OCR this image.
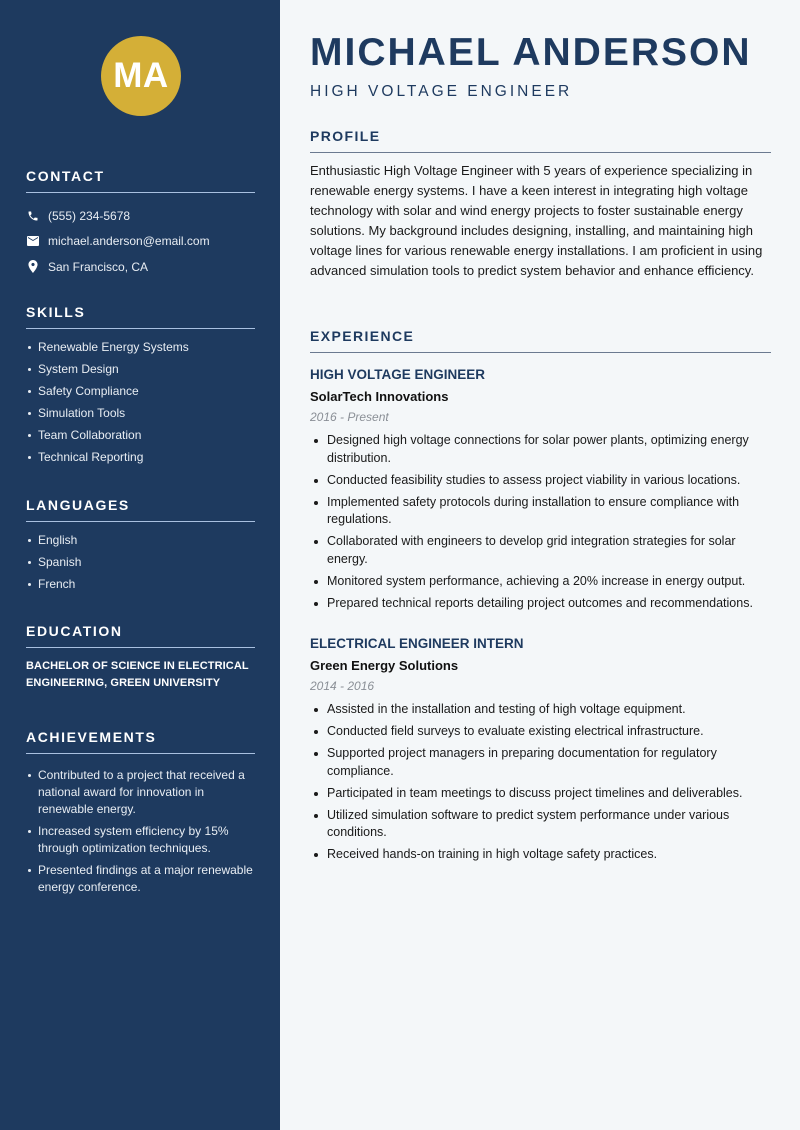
MA
CONTACT
(555) 234-5678
michael.anderson@email.com
San Francisco, CA
SKILLS
Renewable Energy Systems
System Design
Safety Compliance
Simulation Tools
Team Collaboration
Technical Reporting
LANGUAGES
English
Spanish
French
EDUCATION

BACHELOR OF SCIENCE IN ELECTRICAL ENGINEERING, GREEN UNIVERSITY

ACHIEVEMENTS
Contributed to a project that received a national award for innovation in renewable energy.
Increased system efficiency by 15% through optimization techniques.
Presented findings at a major renewable energy conference.
MICHAEL ANDERSON
HIGH VOLTAGE ENGINEER
PROFILE

Enthusiastic High Voltage Engineer with 5 years of experience specializing in renewable energy systems. I have a keen interest in integrating high voltage technology with solar and wind energy projects to foster sustainable energy solutions. My background includes designing, installing, and maintaining high voltage lines for various renewable energy installations. I am proficient in using advanced simulation tools to predict system behavior and enhance efficiency.

EXPERIENCE
HIGH VOLTAGE ENGINEER
SolarTech Innovations
2016 - Present
Designed high voltage connections for solar power plants, optimizing energy distribution.
Conducted feasibility studies to assess project viability in various locations.
Implemented safety protocols during installation to ensure compliance with regulations.
Collaborated with engineers to develop grid integration strategies for solar energy.
Monitored system performance, achieving a 20% increase in energy output.
Prepared technical reports detailing project outcomes and recommendations.
ELECTRICAL ENGINEER INTERN
Green Energy Solutions
2014 - 2016
Assisted in the installation and testing of high voltage equipment.
Conducted field surveys to evaluate existing electrical infrastructure.
Supported project managers in preparing documentation for regulatory compliance.
Participated in team meetings to discuss project timelines and deliverables.
Utilized simulation software to predict system performance under various conditions.
Received hands-on training in high voltage safety practices.
